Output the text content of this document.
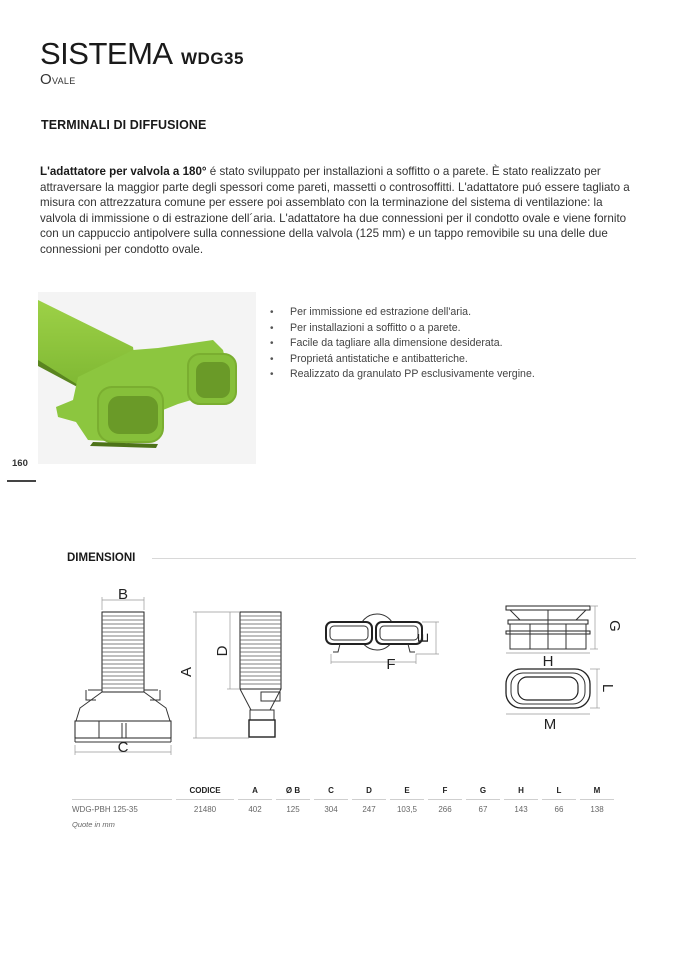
SISTEMA WDG35
Ovale
TERMINALI DI DIFFUSIONE

L'adattatore per valvola a 180° é stato sviluppato per installazioni a soffitto o a parete. È stato realizzato per attraversare la maggior parte degli spessori come pareti, massetti o controsoffitti. L'adattatore puó essere tagliato a misura con attrezzatura comune per essere poi assemblato con la terminazione del sistema di ventilazione: la valvola di immissione o di estrazione dell´aria. L'adattatore ha due connessioni per il condotto ovale e viene fornito con un cappuccio antipolvere sulla connessione della valvola (125 mm) e un tappo removibile su una delle due connessioni per condotto ovale.

• Per immissione ed estrazione dell'aria.
• Per installazioni a soffitto o a parete.
• Facile da tagliare alla dimensione desiderata.
• Proprietá antistatiche e antibatteriche.
• Realizzato da granulato PP esclusivamente vergine.
160
DIMENSIONI
B
C
A
D
E
F
G
H
L
M
	CODICE	A	Ø B	C	D	E	F	G	H	L	M
WDG-PBH 125-35	21480	402	125	304	247	103,5	266	67	143	66	138
Quote in mm
